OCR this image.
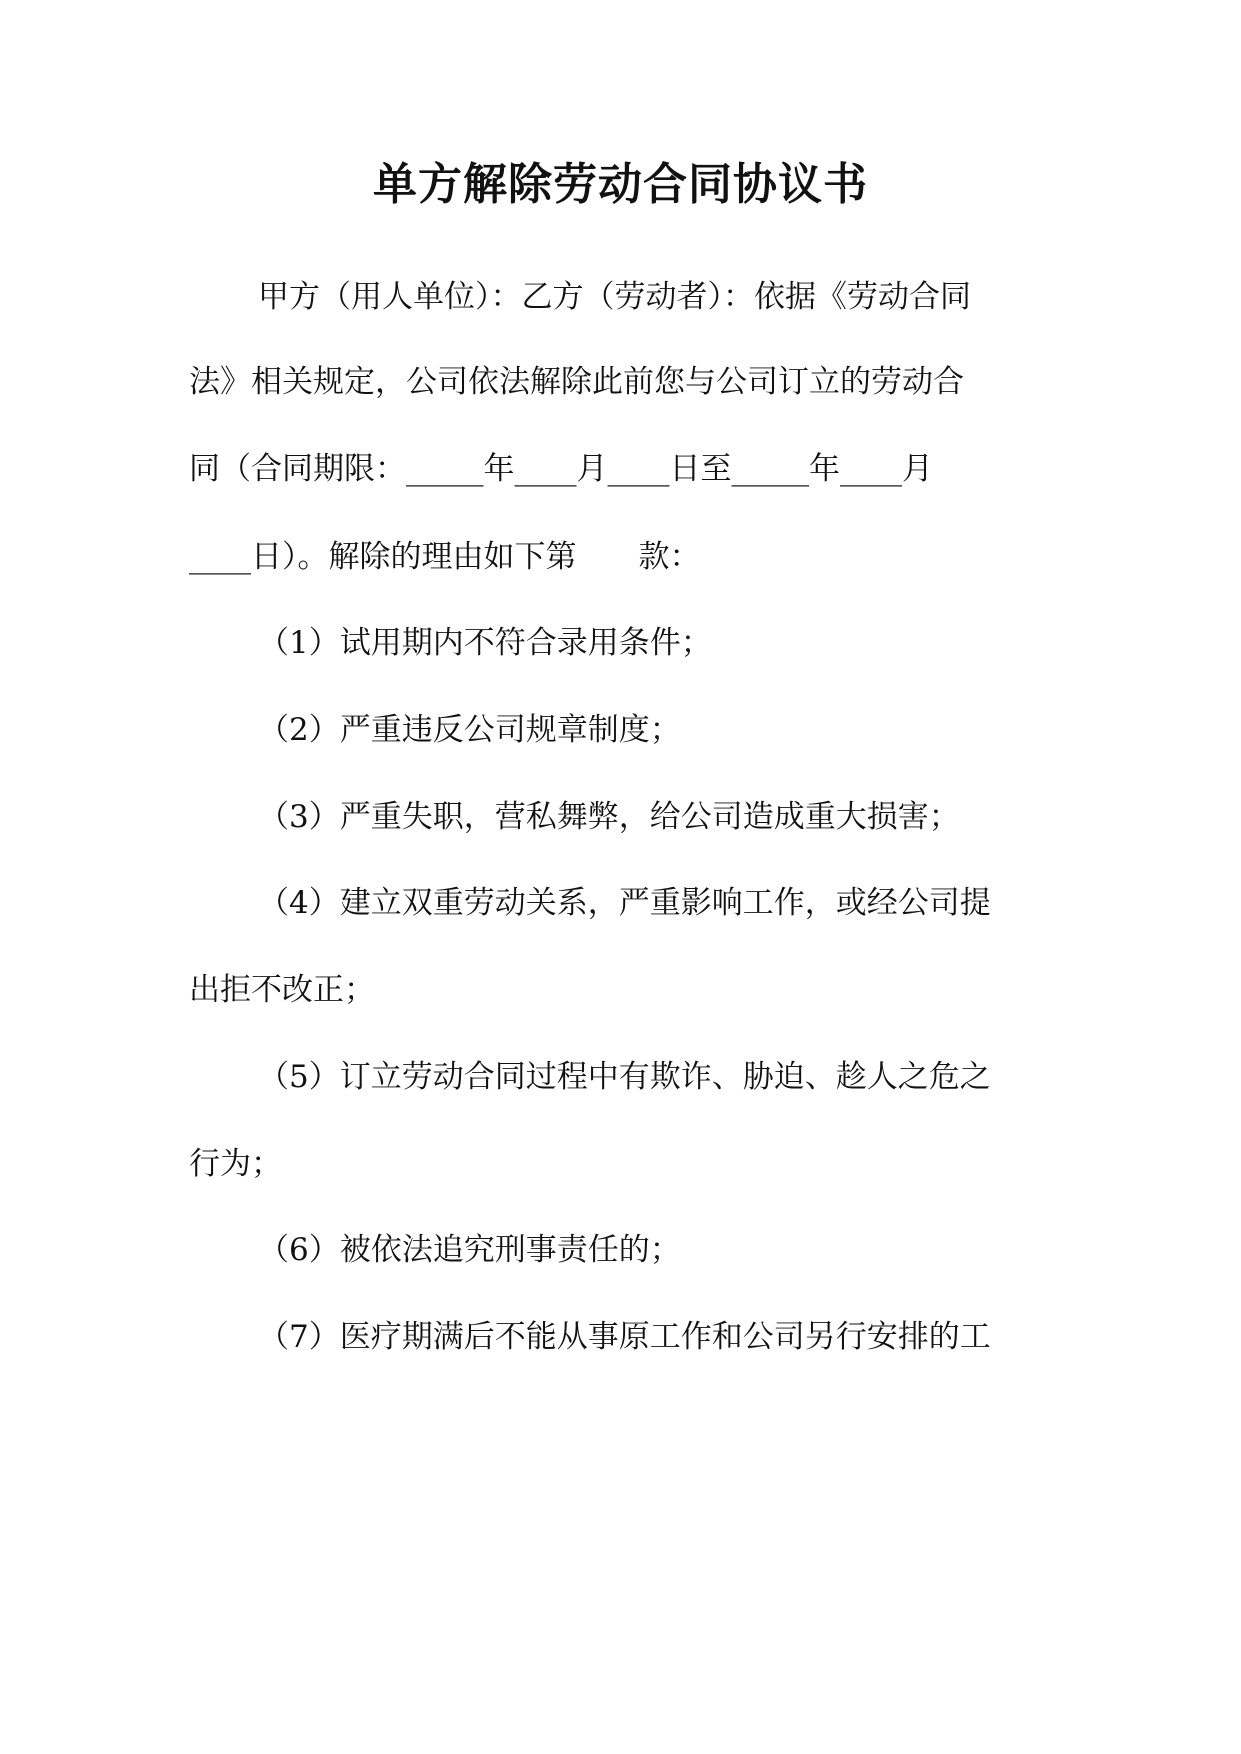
单方解除劳动合同协议书

甲方（用人单位）：乙方（劳动者）：依据《劳动合同

法》相关规定，公司依法解除此前您与公司订立的劳动合

同（合同期限：_____年____月____日至_____年____月

____日）。解除的理由如下第　　款：

（1）试用期内不符合录用条件；

（2）严重违反公司规章制度；

（3）严重失职，营私舞弊，给公司造成重大损害；

（4）建立双重劳动关系，严重影响工作，或经公司提

出拒不改正；

（5）订立劳动合同过程中有欺诈、胁迫、趁人之危之

行为；

（6）被依法追究刑事责任的；

（7）医疗期满后不能从事原工作和公司另行安排的工
